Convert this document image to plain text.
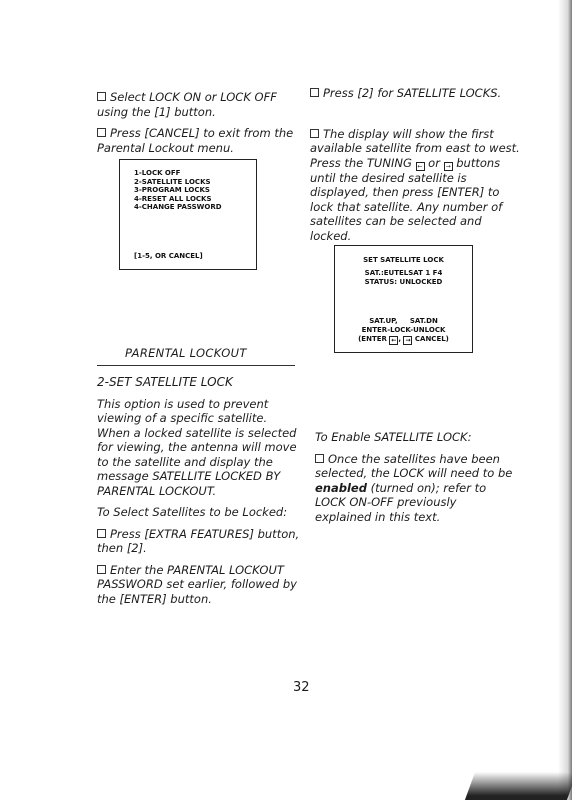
Select LOCK ON or LOCK OFF using the [1] button.

Press [CANCEL] to exit from the Parental Lockout menu.

1-LOCK OFF
2-SATELLITE LOCKS
3-PROGRAM LOCKS
4-RESET ALL LOCKS
4-CHANGE PASSWORD
[1-5, OR CANCEL]

Press [2] for SATELLITE LOCKS.

The display will show the first available satellite from east to west. Press the TUNING ← or → buttons until the desired satellite is displayed, then press [ENTER] to lock that satellite. Any number of satellites can be selected and locked.

SET SATELLITE LOCK
SAT.:EUTELSAT 1 F4
STATUS: UNLOCKED
SAT.UP,     SAT.DN
ENTER-LOCK-UNLOCK
(ENTER ← , → CANCEL)
PARENTAL LOCKOUT

2-SET SATELLITE LOCK

This option is used to prevent viewing of a specific satellite. When a locked satellite is selected for viewing, the antenna will move to the satellite and display the message SATELLITE LOCKED BY PARENTAL LOCKOUT.

To Select Satellites to be Locked:

Press [EXTRA FEATURES] button, then [2].

Enter the PARENTAL LOCKOUT PASSWORD set earlier, followed by the [ENTER] button.

To Enable SATELLITE LOCK:

Once the satellites have been selected, the LOCK will need to be enabled (turned on); refer to LOCK ON-OFF previously explained in this text.

32
